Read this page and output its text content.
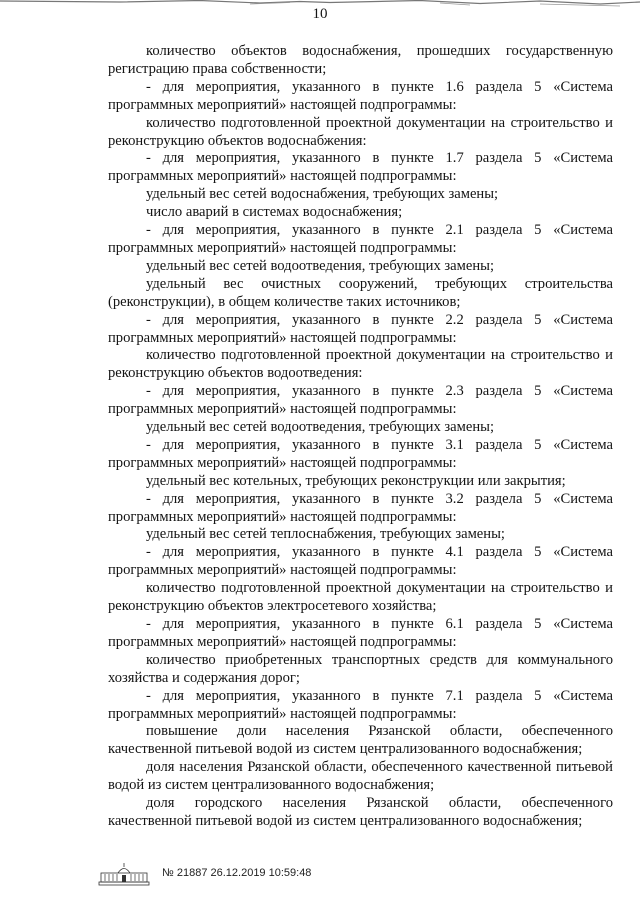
10

количество объектов водоснабжения, прошедших государственную регистрацию права собственности;

- для мероприятия, указанного в пункте 1.6 раздела 5 «Система программных мероприятий» настоящей подпрограммы:

количество подготовленной проектной документации на строительство и реконструкцию объектов водоснабжения:

- для мероприятия, указанного в пункте 1.7 раздела 5 «Система программных мероприятий» настоящей подпрограммы:

удельный вес сетей водоснабжения, требующих замены;

число аварий в системах водоснабжения;

- для мероприятия, указанного в пункте 2.1 раздела 5 «Система программных мероприятий» настоящей подпрограммы:

удельный вес сетей водоотведения, требующих замены;

удельный вес очистных сооружений, требующих строительства (реконструкции), в общем количестве таких источников;

- для мероприятия, указанного в пункте 2.2 раздела 5 «Система программных мероприятий» настоящей подпрограммы:

количество подготовленной проектной документации на строительство и реконструкцию объектов водоотведения:

- для мероприятия, указанного в пункте 2.3 раздела 5 «Система программных мероприятий» настоящей подпрограммы:

удельный вес сетей водоотведения, требующих замены;

- для мероприятия, указанного в пункте 3.1 раздела 5 «Система программных мероприятий» настоящей подпрограммы:

удельный вес котельных, требующих реконструкции или закрытия;

- для мероприятия, указанного в пункте 3.2 раздела 5 «Система программных мероприятий» настоящей подпрограммы:

удельный вес сетей теплоснабжения, требующих замены;

- для мероприятия, указанного в пункте 4.1 раздела 5 «Система программных мероприятий» настоящей подпрограммы:

количество подготовленной проектной документации на строительство и реконструкцию объектов электросетевого хозяйства;

- для мероприятия, указанного в пункте 6.1 раздела 5 «Система программных мероприятий» настоящей подпрограммы:

количество приобретенных транспортных средств для коммунального хозяйства и содержания дорог;

- для мероприятия, указанного в пункте 7.1 раздела 5 «Система программных мероприятий» настоящей подпрограммы:

повышение доли населения Рязанской области, обеспеченного качественной питьевой водой из систем централизованного водоснабжения;

доля населения Рязанской области, обеспеченного качественной питьевой водой из систем централизованного водоснабжения;

доля городского населения Рязанской области, обеспеченного качественной питьевой водой из систем централизованного водоснабжения;

№ 21887 26.12.2019 10:59:48
